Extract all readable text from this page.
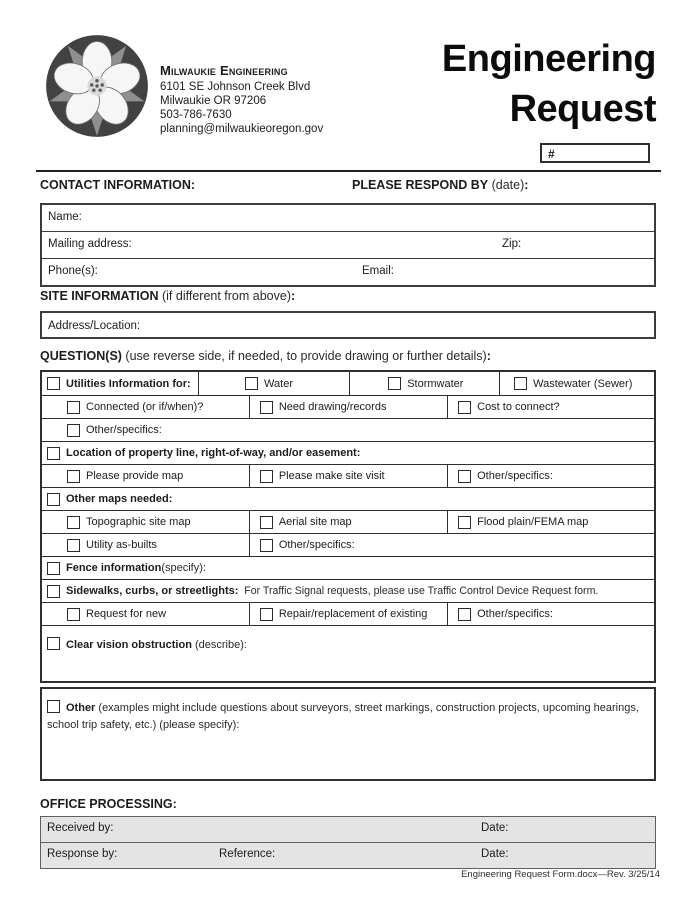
Milwaukie Engineering
6101 SE Johnson Creek Blvd
Milwaukie OR 97206
503-786-7630
planning@milwaukieoregon.gov
Engineering
Request
#
CONTACT INFORMATION:	PLEASE RESPOND BY (date):
Name:
Mailing address:	Zip:
Phone(s):	Email:
SITE INFORMATION (if different from above):
Address/Location:
QUESTION(S) (use reverse side, if needed, to provide drawing or further details):
Utilities Information for:	Water	Stormwater	Wastewater (Sewer)
Connected (or if/when)?	Need drawing/records	Cost to connect?
Other/specifics:
Location of property line, right-of-way, and/or easement:
Please provide map	Please make site visit	Other/specifics:
Other maps needed:
Topographic site map	Aerial site map	Flood plain/FEMA map
Utility as-builts	Other/specifics:
Fence information (specify):
Sidewalks, curbs, or streetlights: For Traffic Signal requests, please use Traffic Control Device Request form.
Request for new	Repair/replacement of existing	Other/specifics:
Clear vision obstruction (describe):
Other (examples might include questions about surveyors, street markings, construction projects, upcoming hearings, school trip safety, etc.) (please specify):
OFFICE PROCESSING:
Received by:	Date:
Response by:	Reference:	Date:
Engineering Request Form.docx—Rev. 3/25/14
